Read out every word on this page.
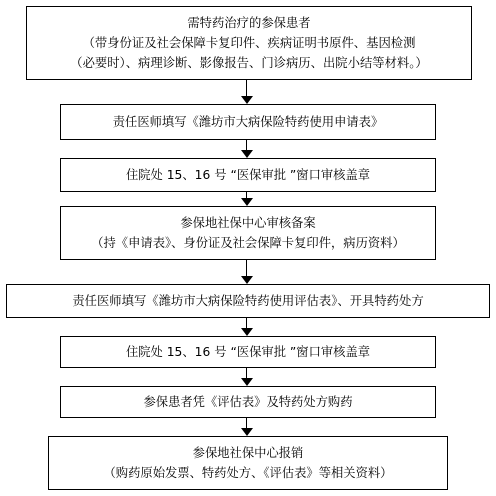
需特药治疗的参保患者
（带身份证及社会保障卡复印件、疾病证明书原件、基因检测
（必要时）、病理诊断、影像报告、门诊病历、出院小结等材料。）
责任医师填写《潍坊市大病保险特药使用申请表》
住院处 15、16 号 “医保审批 ”窗口审核盖章
参保地社保中心审核备案
（持《申请表》、身份证及社会保障卡复印件，病历资料）
责任医师填写《潍坊市大病保险特药使用评估表》、开具特药处方
住院处 15、16 号 “医保审批 ”窗口审核盖章
参保患者凭《评估表》及特药处方购药
参保地社保中心报销
（购药原始发票、特药处方、《评估表》等相关资料）
